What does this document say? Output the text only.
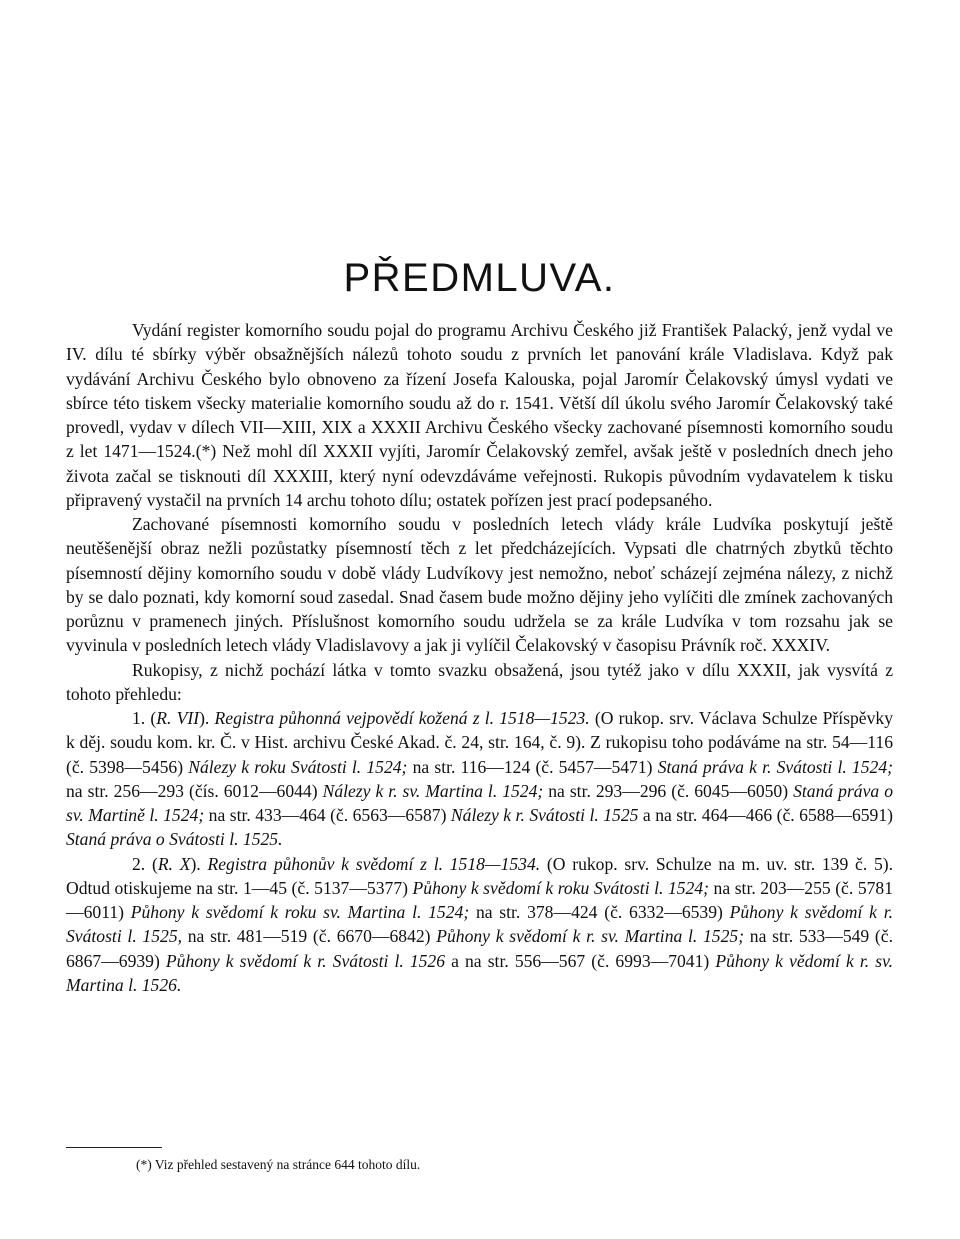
PŘEDMLUVA.

Vydání register komorního soudu pojal do programu Archivu Českého již František Palacký, jenž vydal ve IV. dílu té sbírky výběr obsažnějších nálezů tohoto soudu z prvních let panování krále Vladislava. Když pak vydávání Archivu Českého bylo obnoveno za řízení Josefa Kalouska, pojal Jaromír Čelakovský úmysl vydati ve sbírce této tiskem všecky materialie komorního soudu až do r. 1541. Větší díl úkolu svého Jaromír Čelakovský také provedl, vydav v dílech VII—XIII, XIX a XXXII Archivu Českého všecky zachované písemnosti komorního soudu z let 1471—1524.(*) Než mohl díl XXXII vyjíti, Jaromír Čelakovský zemřel, avšak ještě v posledních dnech jeho života začal se tisknouti díl XXXIII, který nyní odevzdáváme veřejnosti. Rukopis původním vydavatelem k tisku připravený vystačil na prvních 14 archu tohoto dílu; ostatek pořízen jest prací podepsaného.

Zachované písemnosti komorního soudu v posledních letech vlády krále Ludvíka poskytují ještě neutěšenější obraz nežli pozůstatky písemností těch z let předcházejících. Vypsati dle chatrných zbytků těchto písemností dějiny komorního soudu v době vlády Ludvíkovy jest nemožno, neboť scházejí zejména nálezy, z nichž by se dalo poznati, kdy komorní soud zasedal. Snad časem bude možno dějiny jeho vylíčiti dle zmínek zachovaných porůznu v pramenech jiných. Příslušnost komorního soudu udržela se za krále Ludvíka v tom rozsahu jak se vyvinula v posledních letech vlády Vladislavovy a jak ji vylíčil Čelakovský v časopisu Právník roč. XXXIV.

Rukopisy, z nichž pochází látka v tomto svazku obsažená, jsou tytéž jako v dílu XXXII, jak vysvítá z tohoto přehledu:

1. (R. VII). Registra půhonná vejpovědí kožená z l. 1518—1523. (O rukop. srv. Václava Schulze Příspěvky k děj. soudu kom. kr. Č. v Hist. archivu České Akad. č. 24, str. 164, č. 9). Z rukopisu toho podáváme na str. 54—116 (č. 5398—5456) Nálezy k roku Svátosti l. 1524; na str. 116—124 (č. 5457—5471) Staná práva k r. Svátosti l. 1524; na str. 256—293 (čís. 6012—6044) Nálezy k r. sv. Martina l. 1524; na str. 293—296 (č. 6045—6050) Staná práva o sv. Martině l. 1524; na str. 433—464 (č. 6563—6587) Nálezy k r. Svátosti l. 1525 a na str. 464—466 (č. 6588—6591) Staná práva o Svátosti l. 1525.

2. (R. X). Registra půhonův k svědomí z l. 1518—1534. (O rukop. srv. Schulze na m. uv. str. 139 č. 5). Odtud otiskujeme na str. 1—45 (č. 5137—5377) Půhony k svědomí k roku Svátosti l. 1524; na str. 203—255 (č. 5781—6011) Půhony k svědomí k roku sv. Martina l. 1524; na str. 378—424 (č. 6332—6539) Půhony k svědomí k r. Svátosti l. 1525, na str. 481—519 (č. 6670—6842) Půhony k svědomí k r. sv. Martina l. 1525; na str. 533—549 (č. 6867—6939) Půhony k svědomí k r. Svátosti l. 1526 a na str. 556—567 (č. 6993—7041) Půhony k vědomí k r. sv. Martina l. 1526.

(*) Viz přehled sestavený na stránce 644 tohoto dílu.
